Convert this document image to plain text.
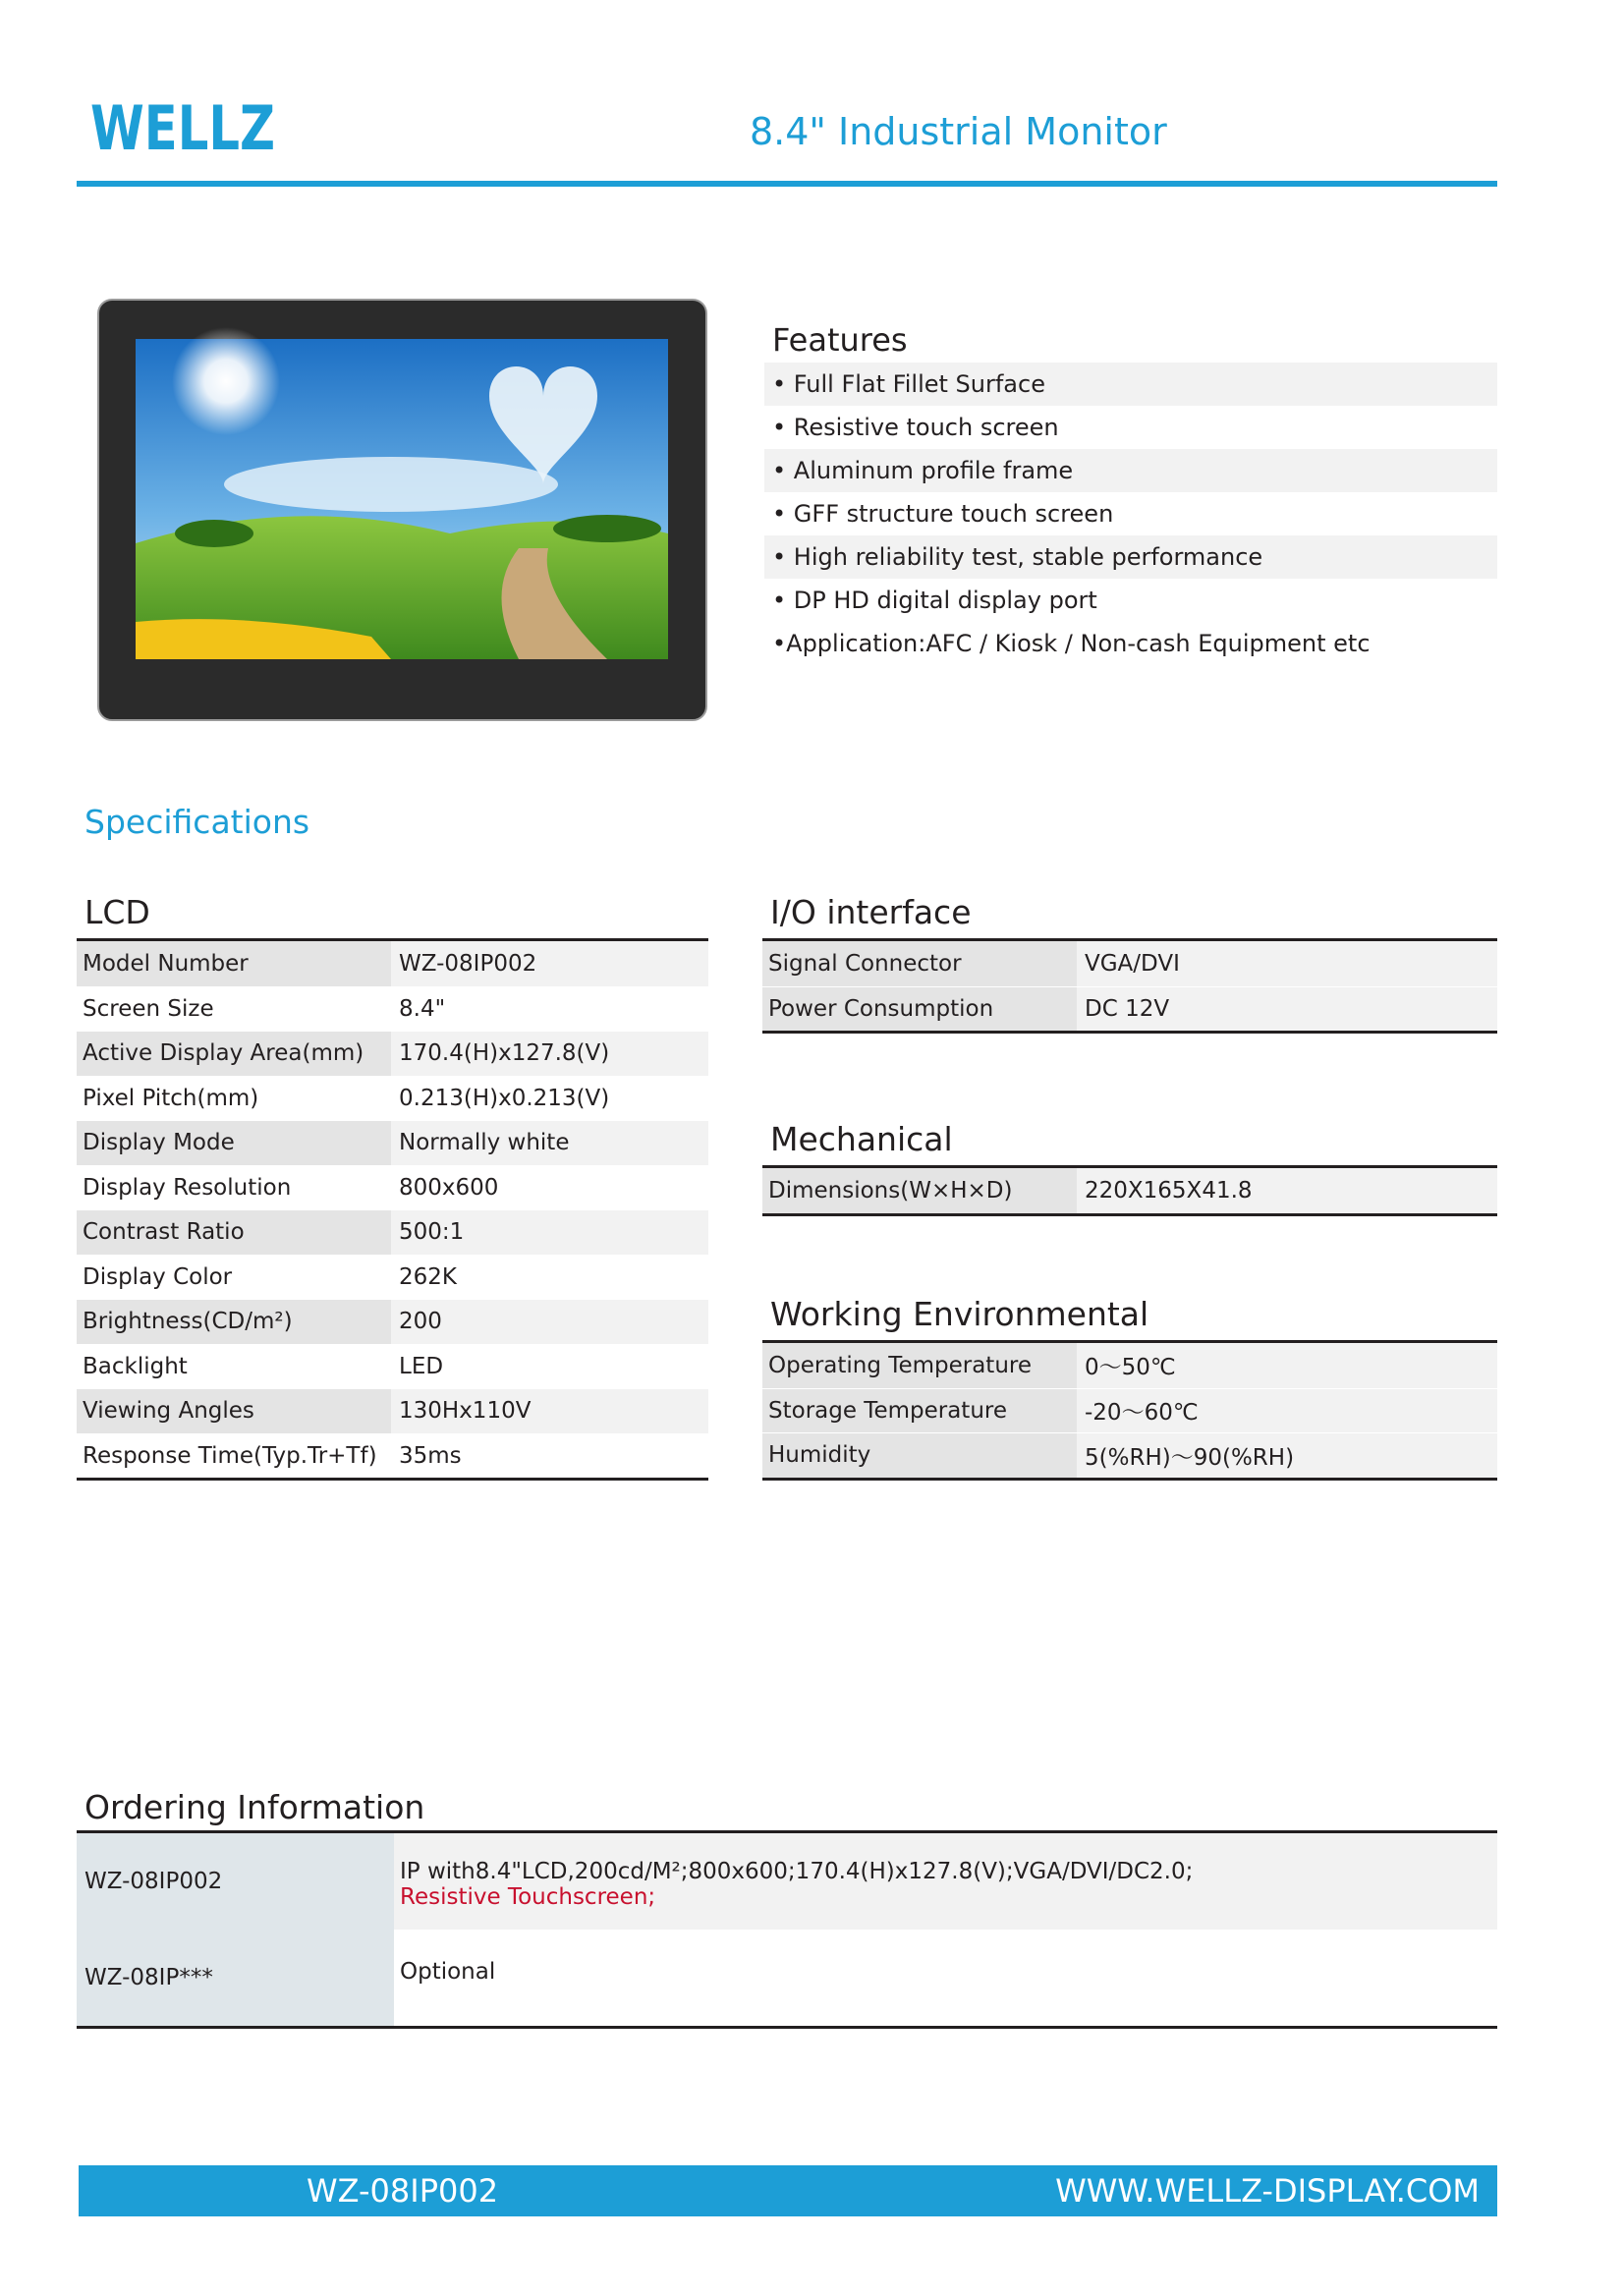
WELLZ	8.4" Industrial Monitor
Features
• Full Flat Fillet Surface
• Resistive touch screen
• Aluminum profile frame
• GFF structure touch screen
• High reliability test, stable performance
• DP HD digital display port
•Application:AFC / Kiosk / Non-cash Equipment etc
Specifications
LCD
Model Number	WZ-08IP002
Screen Size	8.4"
Active Display Area(mm)	170.4(H)x127.8(V)
Pixel Pitch(mm)	0.213(H)x0.213(V)
Display Mode	Normally white
Display Resolution	800x600
Contrast Ratio	500:1
Display Color	262K
Brightness(CD/m²)	200
Backlight	LED
Viewing Angles	130Hx110V
Response Time(Typ.Tr+Tf) 35ms
I/O interface
Signal Connector	VGA/DVI
Power Consumption	DC 12V
Mechanical
Dimensions(W×H×D)	220X165X41.8
Working Environmental
Operating Temperature	0～50℃
Storage Temperature	-20～60℃
Humidity	5(%RH)～90(%RH)
Ordering Information
WZ-08IP002	IP with8.4"LCD,200cd/M²;800x600;170.4(H)x127.8(V);VGA/DVI/DC2.0;
Resistive Touchscreen;
WZ-08IP***	Optional
WZ-08IP002	WWW.WELLZ-DISPLAY.COM
